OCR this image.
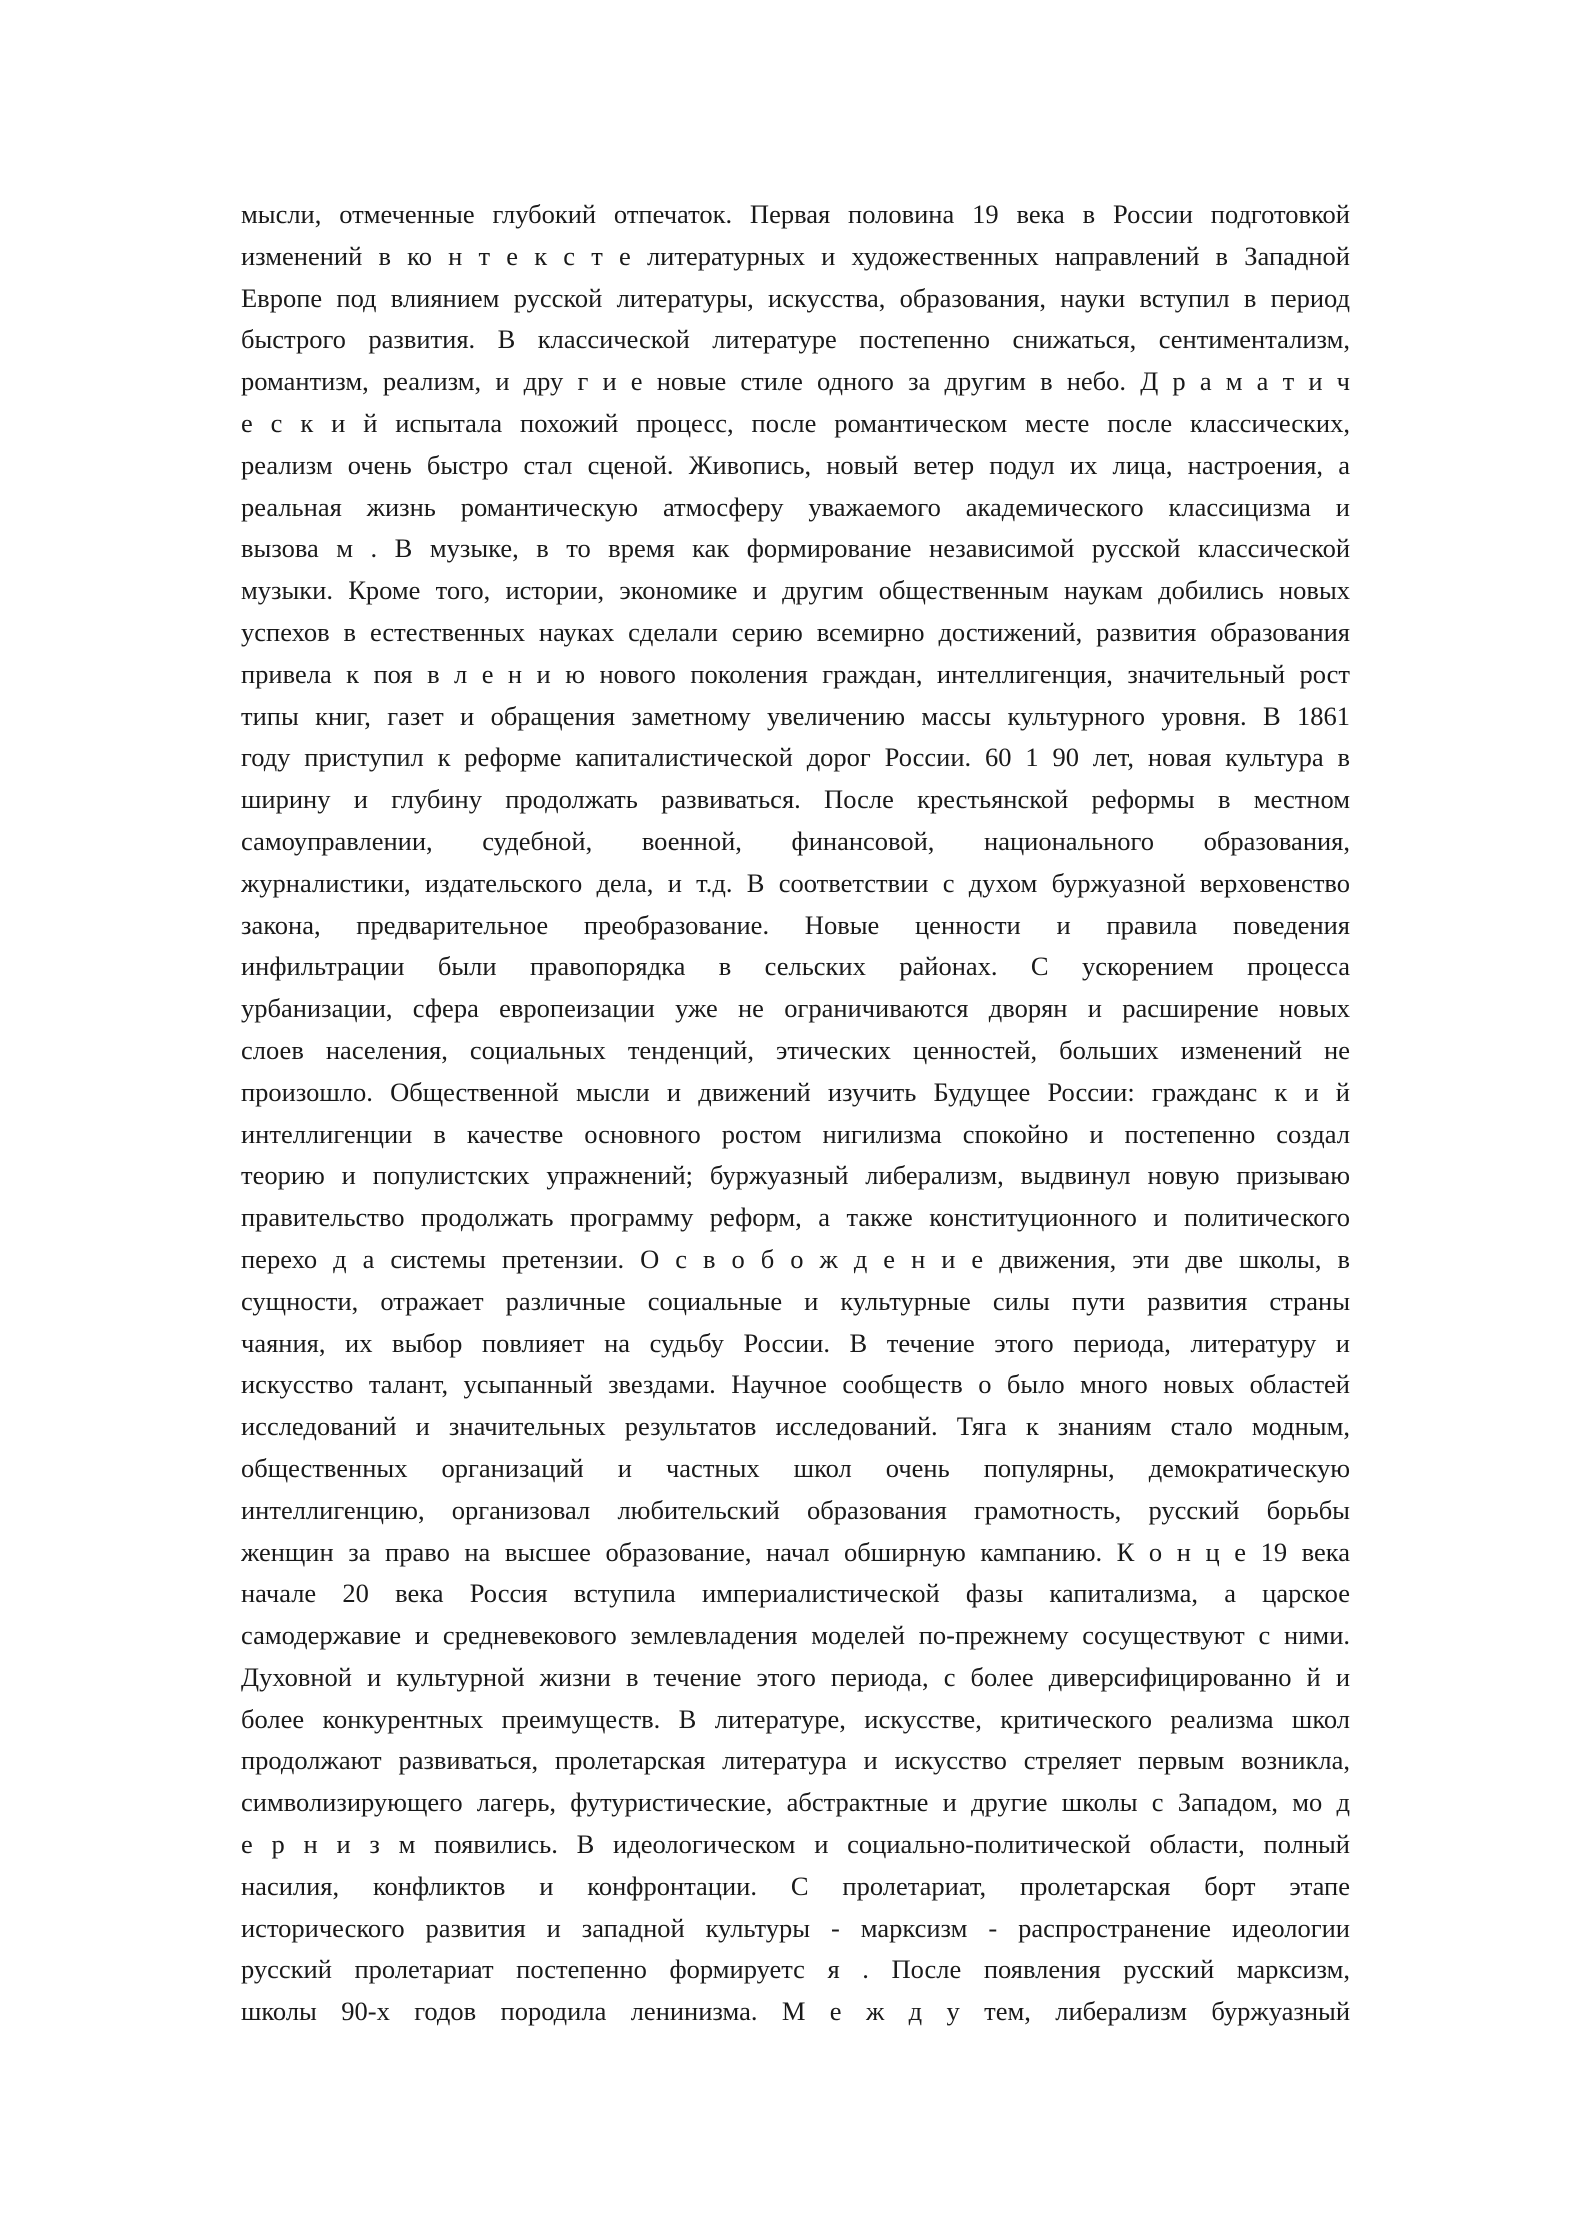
мысли, отмеченные глубокий отпечаток. Первая половина 19 века в России подготовкой
изменений в ко н т е к с т е литературных и художественных направлений в Западной
Европе под влиянием русской литературы, искусства, образования, науки вступил в период
быстрого развития. В классической литературе постепенно снижаться, сентиментализм,
романтизм, реализм, и дру г и е новые стиле одного за другим в небо. Д р а м а т и ч
е с к и й испытала похожий процесс, после романтическом месте после классических,
реализм очень быстро стал сценой. Живопись, новый ветер подул их лица, настроения, а
реальная жизнь романтическую атмосферу уважаемого академического классицизма и
вызова м . В музыке, в то время как формирование независимой русской классической
музыки. Кроме того, истории, экономике и другим общественным наукам добились новых
успехов в естественных науках сделали серию всемирно достижений, развития образования
привела к поя в л е н и ю нового поколения граждан, интеллигенция, значительный рост
типы книг, газет и обращения заметному увеличению массы культурного уровня. В 1861
году приступил к реформе капиталистической дорог России. 60 1 90 лет, новая культура в
ширину и глубину продолжать развиваться. После крестьянской реформы в местном
самоуправлении, судебной, военной, финансовой, национального образования,
журналистики, издательского дела, и т.д. В соответствии с духом буржуазной верховенство
закона, предварительное преобразование. Новые ценности и правила поведения
инфильтрации были правопорядка в сельских районах. С ускорением процесса
урбанизации, сфера европеизации уже не ограничиваются дворян и расширение новых
слоев населения, социальных тенденций, этических ценностей, больших изменений не
произошло. Общественной мысли и движений изучить Будущее России: гражданс к и й
интеллигенции в качестве основного ростом нигилизма спокойно и постепенно создал
теорию и популистских упражнений; буржуазный либерализм, выдвинул новую призываю
правительство продолжать программу реформ, а также конституционного и политического
перехо д а системы претензии. О с в о б о ж д е н и е движения, эти две школы, в
сущности, отражает различные социальные и культурные силы пути развития страны
чаяния, их выбор повлияет на судьбу России. В течение этого периода, литературу и
искусство талант, усыпанный звездами. Научное сообществ о было много новых областей
исследований и значительных результатов исследований. Тяга к знаниям стало модным,
общественных организаций и частных школ очень популярны, демократическую
интеллигенцию, организовал любительский образования грамотность, русский борьбы
женщин за право на высшее образование, начал обширную кампанию. К о н ц е 19 века
начале 20 века Россия вступила империалистической фазы капитализма, а царское
самодержавие и средневекового землевладения моделей по-прежнему сосуществуют с ними.
Духовной и культурной жизни в течение этого периода, с более диверсифицированно й и
более конкурентных преимуществ. В литературе, искусстве, критического реализма школ
продолжают развиваться, пролетарская литература и искусство стреляет первым возникла,
символизирующего лагерь, футуристические, абстрактные и другие школы с Западом, мо д
е р н и з м появились. В идеологическом и социально-политической области, полный
насилия, конфликтов и конфронтации. С пролетариат, пролетарская борт этапе
исторического развития и западной культуры - марксизм - распространение идеологии
русский пролетариат постепенно формируетс я . После появления русский марксизм,
школы 90-х годов породила ленинизма. М е ж д у тем, либерализм буржуазный
